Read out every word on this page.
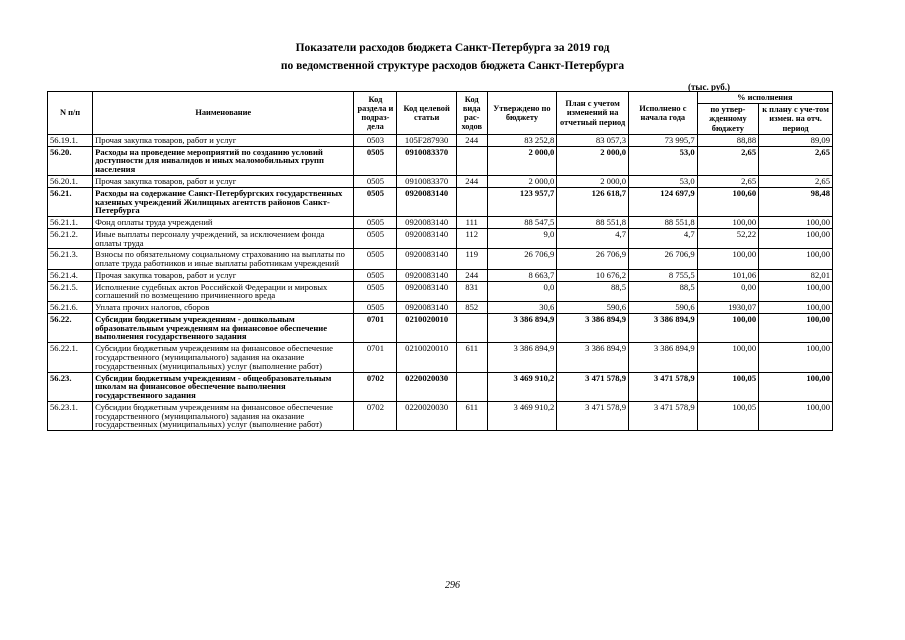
Показатели расходов бюджета Санкт-Петербурга за 2019 год
по ведомственной структуре расходов бюджета Санкт-Петербурга
(тыс. руб.)
N п/п	Наименование	Код раздела и подраз-дела	Код целевой статьи	Код вида рас-ходов	Утверждено по бюджету	План с учетом изменений на отчетный период	Исполнено с начала года	% исполнения	
								по утвер-жденному бюджету	к плану с уче-том измен. на отч. период
56.19.1.	Прочая закупка товаров, работ и услуг	0503	105F287930	244	83 252,8	83 057,3	73 995,7	88,88	89,09
56.20.	Расходы на проведение мероприятий по созданию условий доступности для инвалидов и иных маломобильных групп населения	0505	0910083370		2 000,0	2 000,0	53,0	2,65	2,65
56.20.1.	Прочая закупка товаров, работ и услуг	0505	0910083370	244	2 000,0	2 000,0	53,0	2,65	2,65
56.21.	Расходы на содержание Санкт-Петербургских государственных казенных учреждений Жилищных агентств районов Санкт-Петербурга	0505	0920083140		123 957,7	126 618,7	124 697,9	100,60	98,48
56.21.1.	Фонд оплаты труда учреждений	0505	0920083140	111	88 547,5	88 551,8	88 551,8	100,00	100,00
56.21.2.	Иные выплаты персоналу учреждений, за исключением фонда оплаты труда	0505	0920083140	112	9,0	4,7	4,7	52,22	100,00
56.21.3.	Взносы по обязательному социальному страхованию на выплаты по оплате труда работников и иные выплаты работникам учреждений	0505	0920083140	119	26 706,9	26 706,9	26 706,9	100,00	100,00
56.21.4.	Прочая закупка товаров, работ и услуг	0505	0920083140	244	8 663,7	10 676,2	8 755,5	101,06	82,01
56.21.5.	Исполнение судебных актов Российской Федерации и мировых соглашений по возмещению причиненного вреда	0505	0920083140	831	0,0	88,5	88,5	0,00	100,00
56.21.6.	Уплата прочих налогов, сборов	0505	0920083140	852	30,6	590,6	590,6	1930,07	100,00
56.22.	Субсидии бюджетным учреждениям - дошкольным образовательным учреждениям на финансовое обеспечение выполнения государственного задания	0701	0210020010		3 386 894,9	3 386 894,9	3 386 894,9	100,00	100,00
56.22.1.	Субсидии бюджетным учреждениям на финансовое обеспечение государственного (муниципального) задания на оказание государственных (муниципальных) услуг (выполнение работ)	0701	0210020010	611	3 386 894,9	3 386 894,9	3 386 894,9	100,00	100,00
56.23.	Субсидии бюджетным учреждениям - общеобразовательным школам на финансовое обеспечение выполнения государственного задания	0702	0220020030		3 469 910,2	3 471 578,9	3 471 578,9	100,05	100,00
56.23.1.	Субсидии бюджетным учреждениям на финансовое обеспечение государственного (муниципального) задания на оказание государственных (муниципальных) услуг (выполнение работ)	0702	0220020030	611	3 469 910,2	3 471 578,9	3 471 578,9	100,05	100,00
296
